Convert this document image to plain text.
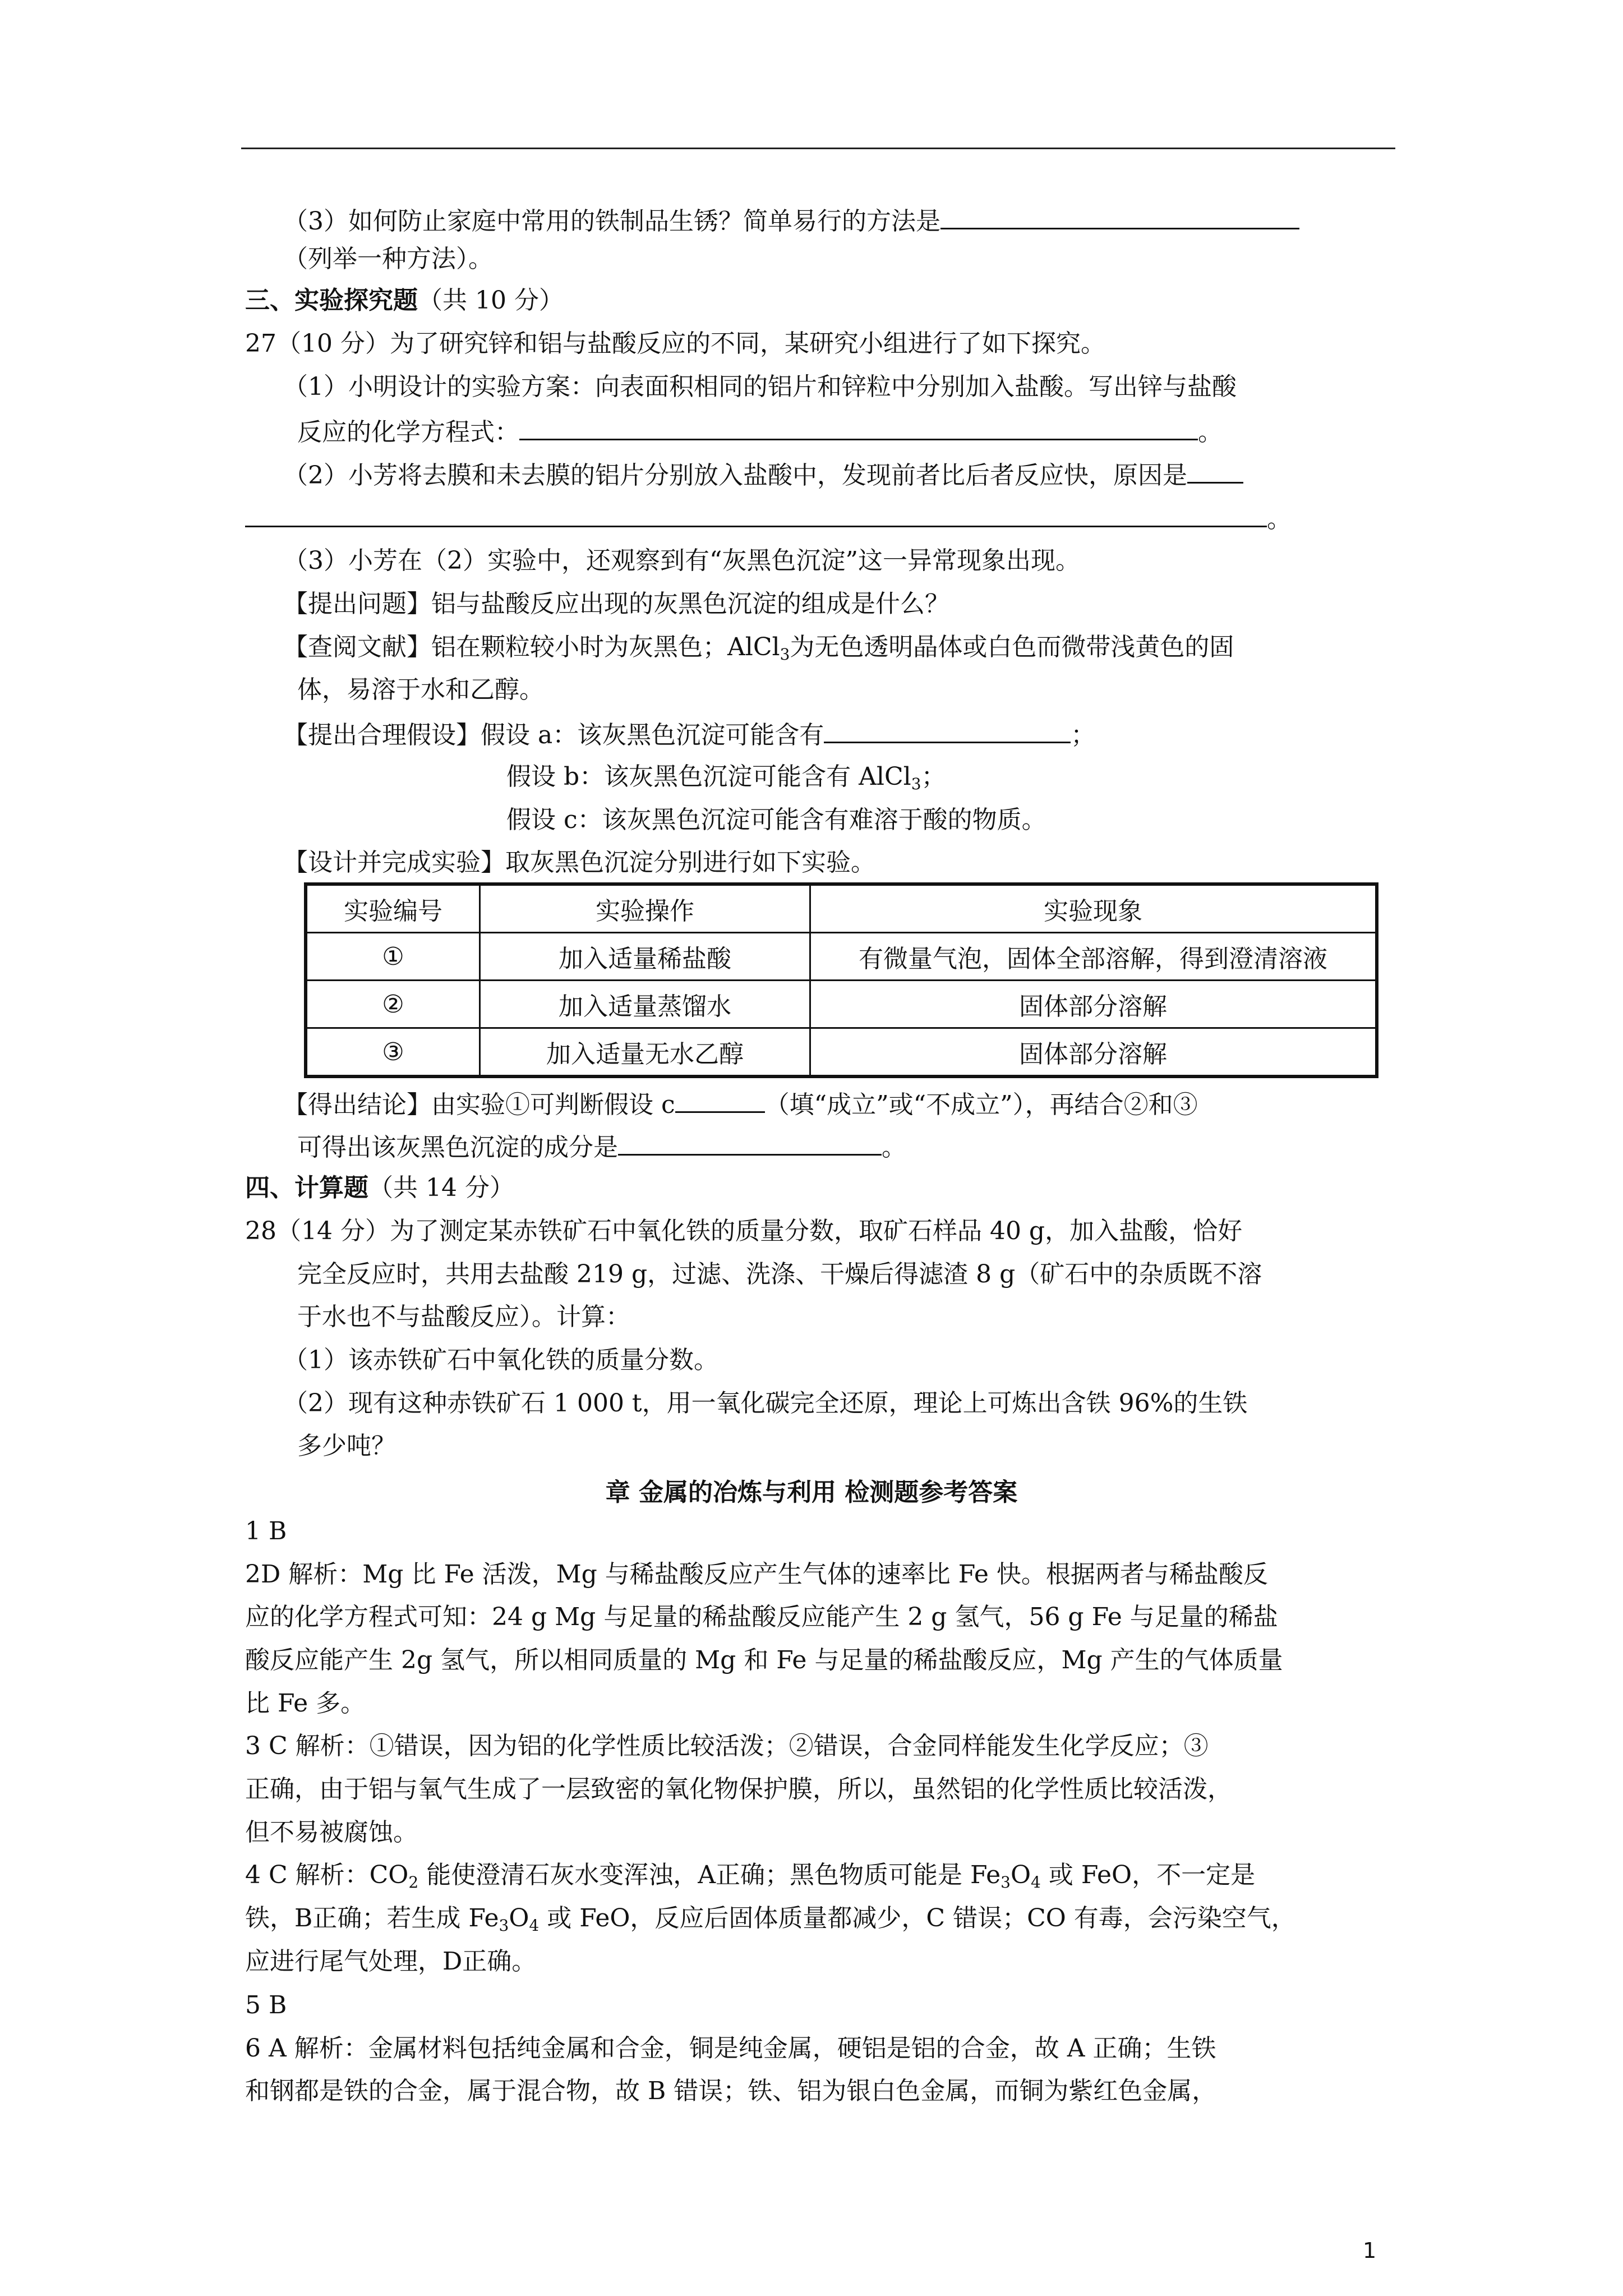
（3）如何防止家庭中常用的铁制品生锈？简单易行的方法是
（列举一种方法）。
三、实验探究题（共 10 分）
27（10 分）为了研究锌和铝与盐酸反应的不同，某研究小组进行了如下探究。
（1）小明设计的实验方案：向表面积相同的铝片和锌粒中分别加入盐酸。写出锌与盐酸
反应的化学方程式：	。
（2）小芳将去膜和未去膜的铝片分别放入盐酸中，发现前者比后者反应快，原因是
。
（3）小芳在（2）实验中，还观察到有“灰黑色沉淀”这一异常现象出现。
【提出问题】铝与盐酸反应出现的灰黑色沉淀的组成是什么？
【查阅文献】铝在颗粒较小时为灰黑色；AlCl$_3$为无色透明晶体或白色而微带浅黄色的固
体，易溶于水和乙醇。
【提出合理假设】假设 a：该灰黑色沉淀可能含有	；
假设 b：该灰黑色沉淀可能含有 AlCl$_3$；
假设 c：该灰黑色沉淀可能含有难溶于酸的物质。
【设计并完成实验】取灰黑色沉淀分别进行如下实验。
实验编号	实验操作	实验现象
①	加入适量稀盐酸	有微量气泡，固体全部溶解，得到澄清溶液
②	加入适量蒸馏水	固体部分溶解
③	加入适量无水乙醇	固体部分溶解
【得出结论】由实验①可判断假设 c	（填“成立”或“不成立”），再结合②和③
可得出该灰黑色沉淀的成分是	。
四、计算题（共 14 分）
28（14 分）为了测定某赤铁矿石中氧化铁的质量分数，取矿石样品 40 g，加入盐酸，恰好
完全反应时，共用去盐酸 219 g，过滤、洗涤、干燥后得滤渣 8 g（矿石中的杂质既不溶
于水也不与盐酸反应）。计算：
（1）该赤铁矿石中氧化铁的质量分数。
（2）现有这种赤铁矿石 1 000 t，用一氧化碳完全还原，理论上可炼出含铁 96%的生铁
多少吨？
章 金属的冶炼与利用 检测题参考答案
1 B
2D 解析：Mg 比 Fe 活泼，Mg 与稀盐酸反应产生气体的速率比 Fe 快。根据两者与稀盐酸反
应的化学方程式可知：24 g Mg 与足量的稀盐酸反应能产生 2 g 氢气，56 g Fe 与足量的稀盐
酸反应能产生 2g 氢气，所以相同质量的 Mg 和 Fe 与足量的稀盐酸反应，Mg 产生的气体质量
比 Fe 多。
3 C 解析：①错误，因为铝的化学性质比较活泼；②错误，合金同样能发生化学反应；③
正确，由于铝与氧气生成了一层致密的氧化物保护膜，所以，虽然铝的化学性质比较活泼，
但不易被腐蚀。
4 C 解析：$CO_2$ 能使澄清石灰水变浑浊，A正确；黑色物质可能是 $Fe_3O_4$ 或 FeO，不一定是
铁，B正确；若生成 $Fe_3O_4$ 或 FeO，反应后固体质量都减少，C 错误；CO 有毒，会污染空气，
应进行尾气处理，D正确。
5 B
6 A 解析：金属材料包括纯金属和合金，铜是纯金属，硬铝是铝的合金，故 A 正确；生铁
和钢都是铁的合金，属于混合物，故 B 错误；铁、铝为银白色金属，而铜为紫红色金属，
1
